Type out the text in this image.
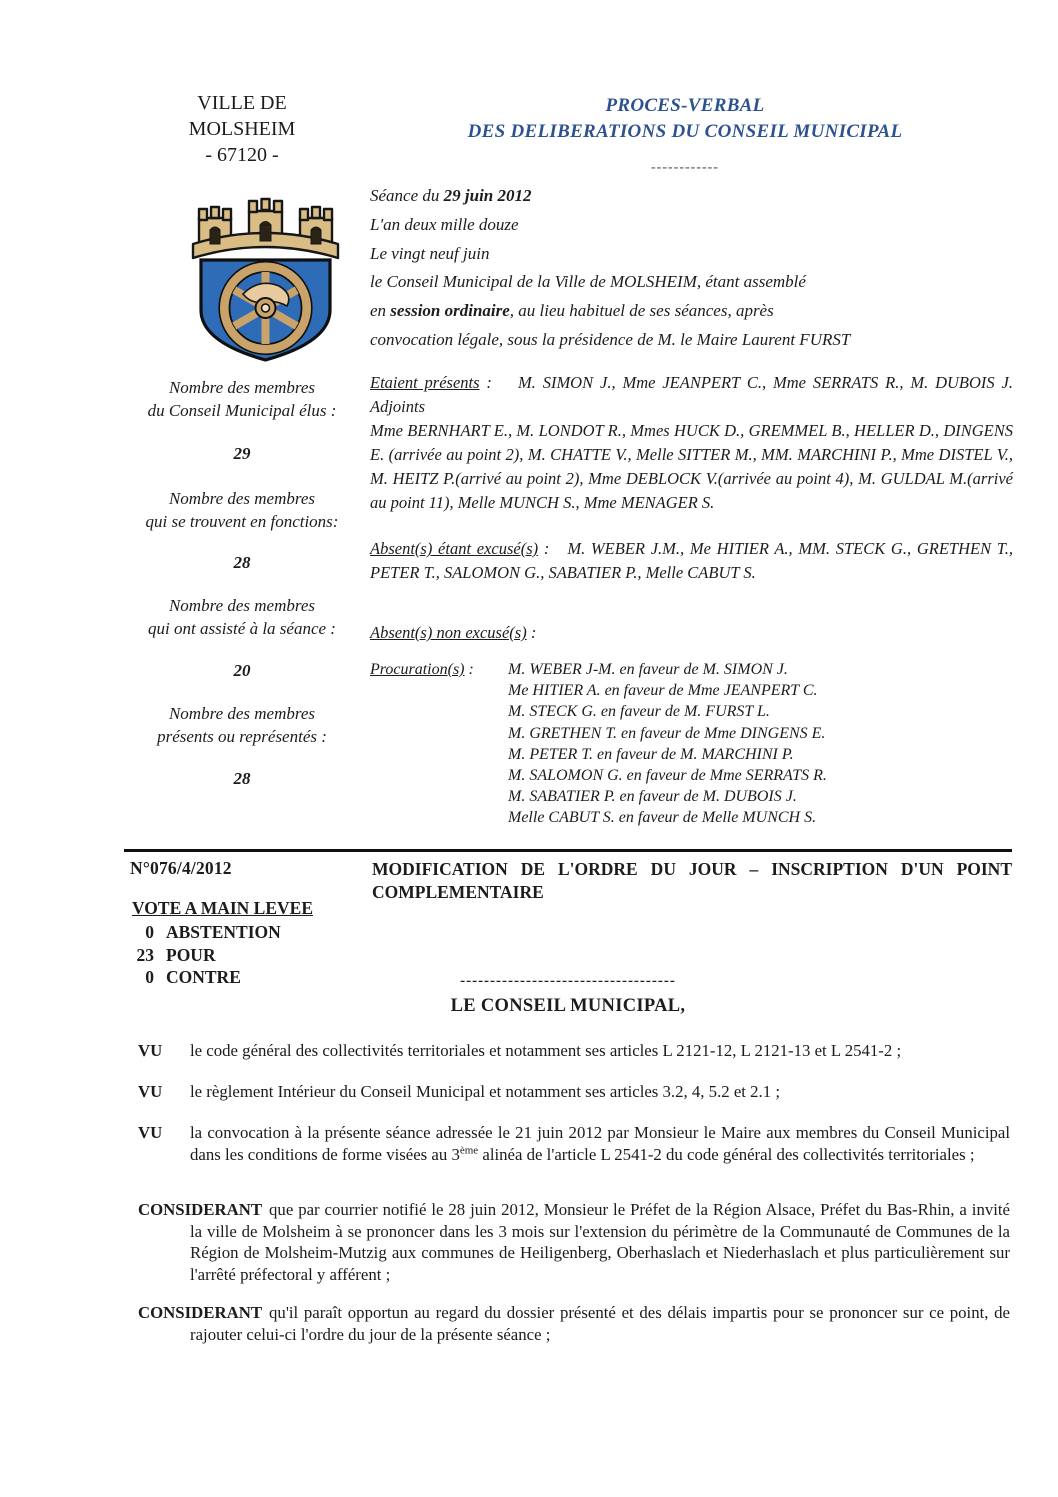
VILLE DE
MOLSHEIM
- 67120 -
PROCES-VERBAL
DES DELIBERATIONS DU CONSEIL MUNICIPAL
------------
Séance du 29 juin 2012
L'an deux mille douze
Le vingt neuf juin
le Conseil Municipal de la Ville de MOLSHEIM, étant assemblé
en session ordinaire, au lieu habituel de ses séances, après
convocation légale, sous la présidence de M. le Maire Laurent FURST
Nombre des membres
du Conseil Municipal élus :
29
Nombre des membres
qui se trouvent en fonctions:
28
Nombre des membres
qui ont assisté à la séance :
20
Nombre des membres
présents ou représentés :
28

Etaient présents : M. SIMON J., Mme JEANPERT C., Mme SERRATS R., M. DUBOIS J. Adjoints

Mme BERNHART E., M. LONDOT R., Mmes HUCK D., GREMMEL B., HELLER D., DINGENS E. (arrivée au point 2), M. CHATTE V., Melle SITTER M., MM. MARCHINI P., Mme DISTEL V., M. HEITZ P.(arrivé au point 2), Mme DEBLOCK V.(arrivée au point 4), M. GULDAL M.(arrivé au point 11), Melle MUNCH S., Mme MENAGER S.

Absent(s) étant excusé(s) : M. WEBER J.M., Me HITIER A., MM. STECK G., GRETHEN T., PETER T., SALOMON G., SABATIER P., Melle CABUT S.

Absent(s) non excusé(s) :

Procuration(s) :	M. WEBER J-M. en faveur de M. SIMON J.
Me HITIER A. en faveur de Mme JEANPERT C.
M. STECK G. en faveur de M. FURST L.
M. GRETHEN T. en faveur de Mme DINGENS E.
M. PETER T. en faveur de M. MARCHINI P.
M. SALOMON G. en faveur de Mme SERRATS R.
M. SABATIER P. en faveur de M. DUBOIS J.
Melle CABUT S. en faveur de Melle MUNCH S.
N°076/4/2012	MODIFICATION DE L'ORDRE DU JOUR – INSCRIPTION D'UN POINT COMPLEMENTAIRE
VOTE A MAIN LEVEE
0 ABSTENTION
23 POUR
0 CONTRE	------------------------------------
LE CONSEIL MUNICIPAL,
VU le code général des collectivités territoriales et notamment ses articles L 2121-12, L 2121-13 et L 2541-2 ;
VU le règlement Intérieur du Conseil Municipal et notamment ses articles 3.2, 4, 5.2 et 2.1 ;
VU la convocation à la présente séance adressée le 21 juin 2012 par Monsieur le Maire aux membres du Conseil Municipal dans les conditions de forme visées au 3ème alinéa de l'article L 2541-2 du code général des collectivités territoriales ;
CONSIDERANT que par courrier notifié le 28 juin 2012, Monsieur le Préfet de la Région Alsace, Préfet du Bas-Rhin, a invité la ville de Molsheim à se prononcer dans les 3 mois sur l'extension du périmètre de la Communauté de Communes de la Région de Molsheim-Mutzig aux communes de Heiligenberg, Oberhaslach et Niederhaslach et plus particulièrement sur l'arrêté préfectoral y afférent ;
CONSIDERANT qu'il paraît opportun au regard du dossier présenté et des délais impartis pour se prononcer sur ce point, de rajouter celui-ci l'ordre du jour de la présente séance ;
